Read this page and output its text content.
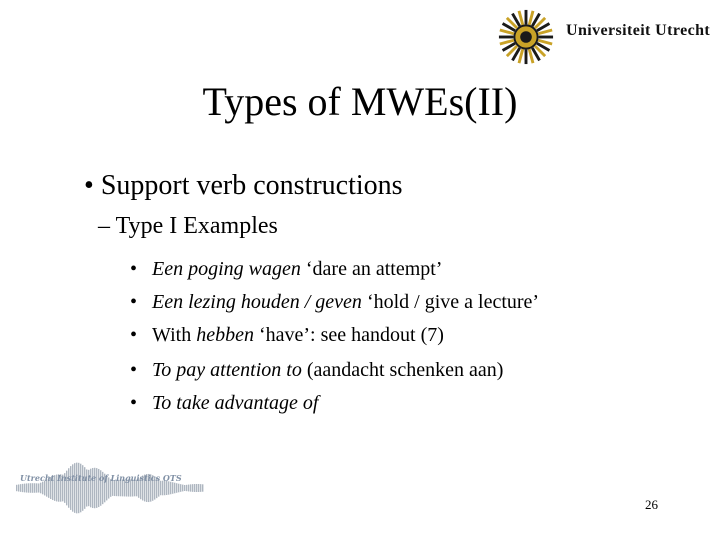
Universiteit Utrecht
Types of MWEs(II)
• Support verb constructions
– Type I Examples
• Een poging wagen ‘dare an attempt’
• Een lezing houden / geven ‘hold / give a lecture’
• With hebben ‘have’: see handout (7)
• To pay attention to (aandacht schenken aan)
• To take advantage of
Utrecht Institute of Linguistics OTS
26
